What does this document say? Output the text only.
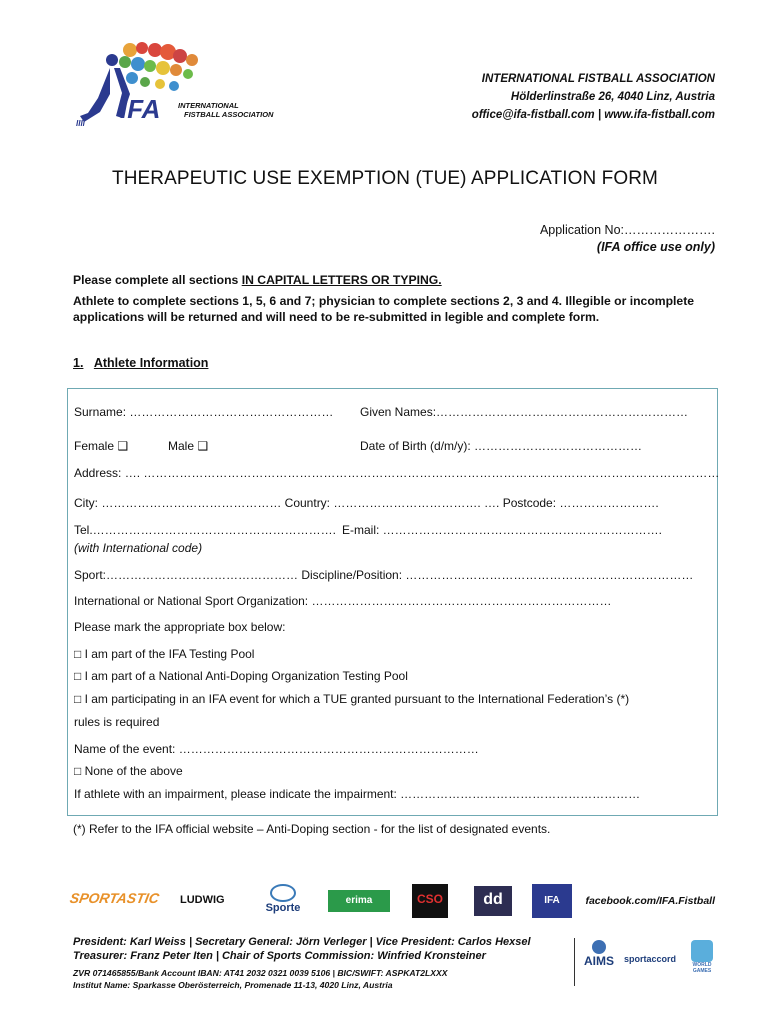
IIII IFA INTERNATIONAL
FISTBALL ASSOCIATION
INTERNATIONAL FISTBALL ASSOCIATION
Hölderlinstraße 26, 4040 Linz, Austria
office@ifa-fistball.com | www.ifa-fistball.com
THERAPEUTIC USE EXEMPTION (TUE) APPLICATION FORM
Application No:………………….
(IFA office use only)

Please complete all sections IN CAPITAL LETTERS OR TYPING.

Athlete to complete sections 1, 5, 6 and 7; physician to complete sections 2, 3 and 4. Illegible or incomplete applications will be returned and will need to be re-submitted in legible and complete form.

1. Athlete Information
Surname: …………………………………………… Given Names:………………………………………………………
Female ❑	Male ❑	Date of Birth (d/m/y): ……………………………………
Address: …. ………………………………………………………………………………………………………………………………
City: ……………………………………… Country: ………………………………. …. Postcode: …………………….
Tel.……………………………………………………. E-mail: …………………………………………………………….
(with International code)
Sport:………………………………………… Discipline/Position: ………………………………………………………………
International or National Sport Organization: …………………………………………………………………
Please mark the appropriate box below:
□ I am part of the IFA Testing Pool
□ I am part of a National Anti-Doping Organization Testing Pool
□ I am participating in an IFA event for which a TUE granted pursuant to the International Federation’s (*)
rules is required
Name of the event: …………………………………………………………………
□ None of the above
If athlete with an impairment, please indicate the impairment: ……………………………………………………
(*) Refer to the IFA official website – Anti-Doping section - for the list of designated events.
SPORTASTIC LUDWIG
Sporte
erima	CSO	dd	IFA	facebook.com/IFA.Fistball
President: Karl Weiss | Secretary General: Jörn Verleger | Vice President: Carlos Hexsel
Treasurer: Franz Peter Iten | Chair of Sports Commission: Winfried Kronsteiner
ZVR 071465855/Bank Account IBAN: AT41 2032 0321 0039 5106 | BIC/SWIFT: ASPKAT2LXXX
Institut Name: Sparkasse Oberösterreich, Promenade 11-13, 4020 Linz, Austria
AIMS sportaccord
WORLD GAMES
